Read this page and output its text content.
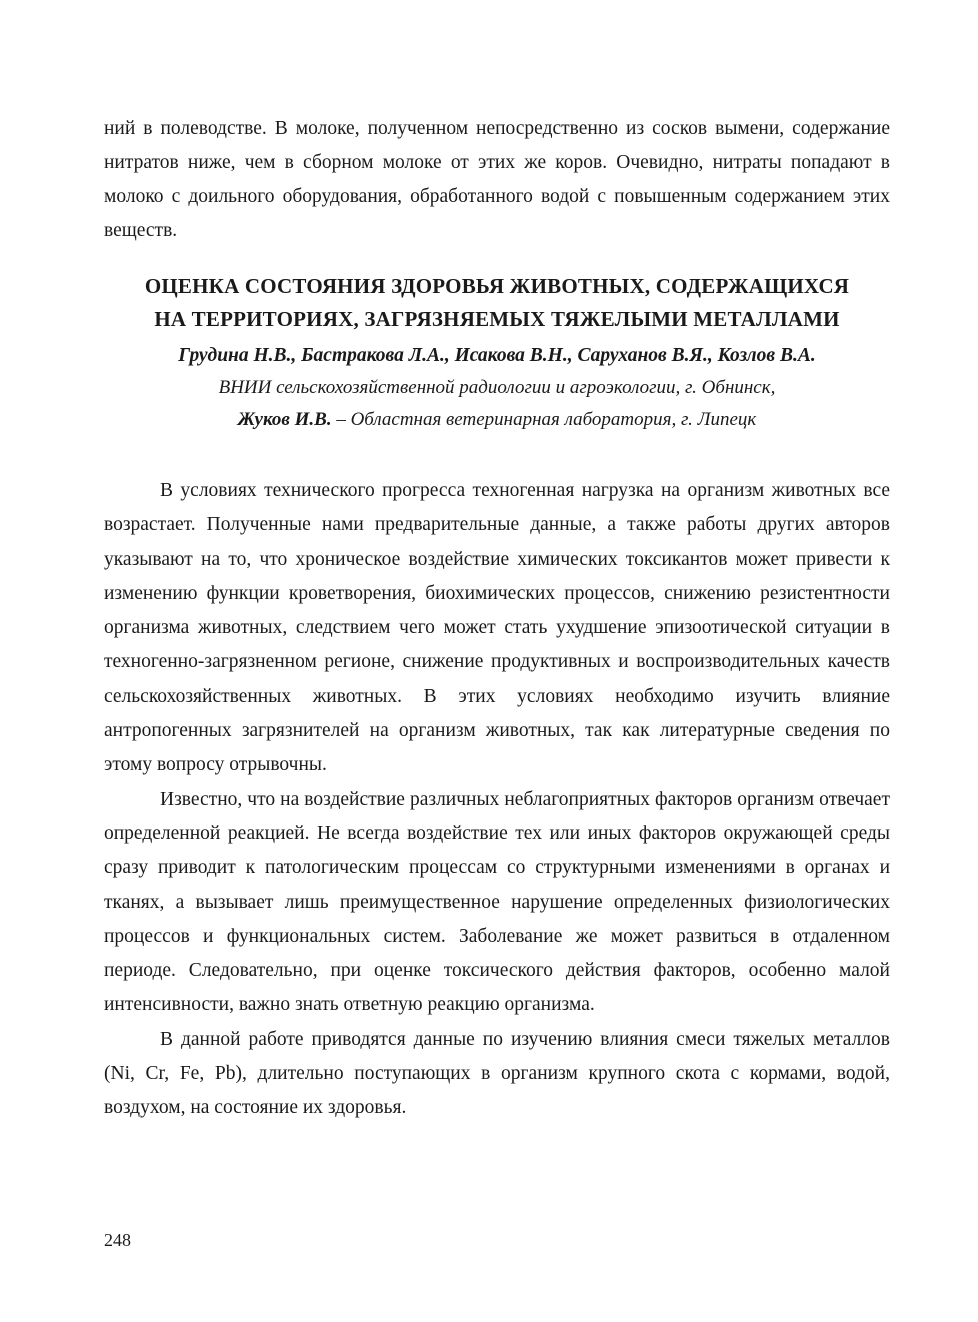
ний в полеводстве. В молоке, полученном непосредственно из сосков вымени, содержание нитратов ниже, чем в сборном молоке от этих же коров. Очевидно, нитраты попадают в молоко с доильного оборудования, обработанного водой с повышенным содержанием этих веществ.
ОЦЕНКА СОСТОЯНИЯ ЗДОРОВЬЯ ЖИВОТНЫХ, СОДЕРЖАЩИХСЯ
НА ТЕРРИТОРИЯХ, ЗАГРЯЗНЯЕМЫХ ТЯЖЕЛЫМИ МЕТАЛЛАМИ
Грудина Н.В., Бастракова Л.А., Исакова В.Н., Саруханов В.Я., Козлов В.А.
ВНИИ сельскохозяйственной радиологии и агроэкологии, г. Обнинск,
Жуков И.В. – Областная ветеринарная лаборатория, г. Липецк

В условиях технического прогресса техногенная нагрузка на организм животных все возрастает. Полученные нами предварительные данные, а также работы других авторов указывают на то, что хроническое воздействие химических токсикантов может привести к изменению функции кроветворения, биохимических процессов, снижению резистентности организма животных, следствием чего может стать ухудшение эпизоотической ситуации в техногенно-загрязненном регионе, снижение продуктивных и воспроизводительных качеств сельскохозяйственных животных. В этих условиях необходимо изучить влияние антропогенных загрязнителей на организм животных, так как литературные сведения по этому вопросу отрывочны.

Известно, что на воздействие различных неблагоприятных факторов организм отвечает определенной реакцией. Не всегда воздействие тех или иных факторов окружающей среды сразу приводит к патологическим процессам со структурными изменениями в органах и тканях, а вызывает лишь преимущественное нарушение определенных физиологических процессов и функциональных систем. Заболевание же может развиться в отдаленном периоде. Следовательно, при оценке токсического действия факторов, особенно малой интенсивности, важно знать ответную реакцию организма.

В данной работе приводятся данные по изучению влияния смеси тяжелых металлов (Ni, Cr, Fe, Pb), длительно поступающих в организм крупного скота с кормами, водой, воздухом, на состояние их здоровья.

248
